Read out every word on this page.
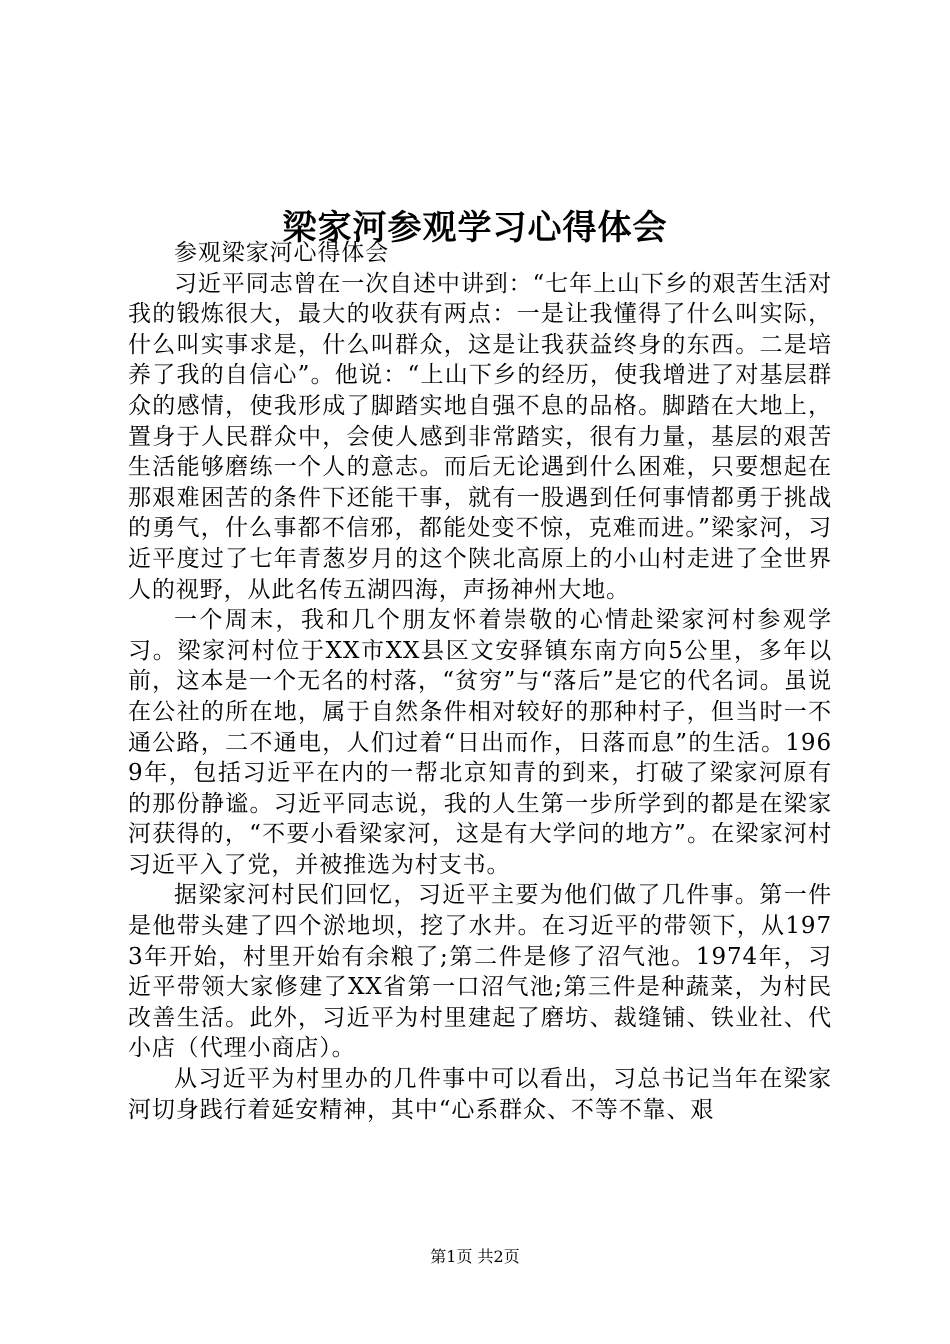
梁家河参观学习心得体会

参观梁家河心得体会

习近平同志曾在一次自述中讲到：“七年上山下乡的艰苦生活对我的锻炼很大，最大的收获有两点：一是让我懂得了什么叫实际，什么叫实事求是，什么叫群众，这是让我获益终身的东西。二是培养了我的自信心”。他说：“上山下乡的经历，使我增进了对基层群众的感情，使我形成了脚踏实地自强不息的品格。脚踏在大地上，置身于人民群众中，会使人感到非常踏实，很有力量，基层的艰苦生活能够磨练一个人的意志。而后无论遇到什么困难，只要想起在那艰难困苦的条件下还能干事，就有一股遇到任何事情都勇于挑战的勇气，什么事都不信邪，都能处变不惊，克难而进。”梁家河，习近平度过了七年青葱岁月的这个陕北高原上的小山村走进了全世界人的视野，从此名传五湖四海，声扬神州大地。

一个周末，我和几个朋友怀着崇敬的心情赴梁家河村参观学习。梁家河村位于XX市XX县区文安驿镇东南方向5公里，多年以前，这本是一个无名的村落，“贫穷”与“落后”是它的代名词。虽说在公社的所在地，属于自然条件相对较好的那种村子，但当时一不通公路，二不通电，人们过着“日出而作，日落而息”的生活。1969年，包括习近平在内的一帮北京知青的到来，打破了梁家河原有的那份静谧。习近平同志说，我的人生第一步所学到的都是在梁家河获得的，“不要小看梁家河，这是有大学问的地方”。在梁家河村习近平入了党，并被推选为村支书。

据梁家河村民们回忆，习近平主要为他们做了几件事。第一件是他带头建了四个淤地坝，挖了水井。在习近平的带领下，从1973年开始，村里开始有余粮了;第二件是修了沼气池。1974年，习近平带领大家修建了XX省第一口沼气池;第三件是种蔬菜，为村民改善生活。此外，习近平为村里建起了磨坊、裁缝铺、铁业社、代小店（代理小商店）。

从习近平为村里办的几件事中可以看出，习总书记当年在梁家河切身践行着延安精神，其中“心系群众、不等不靠、艰

第1页 共2页
